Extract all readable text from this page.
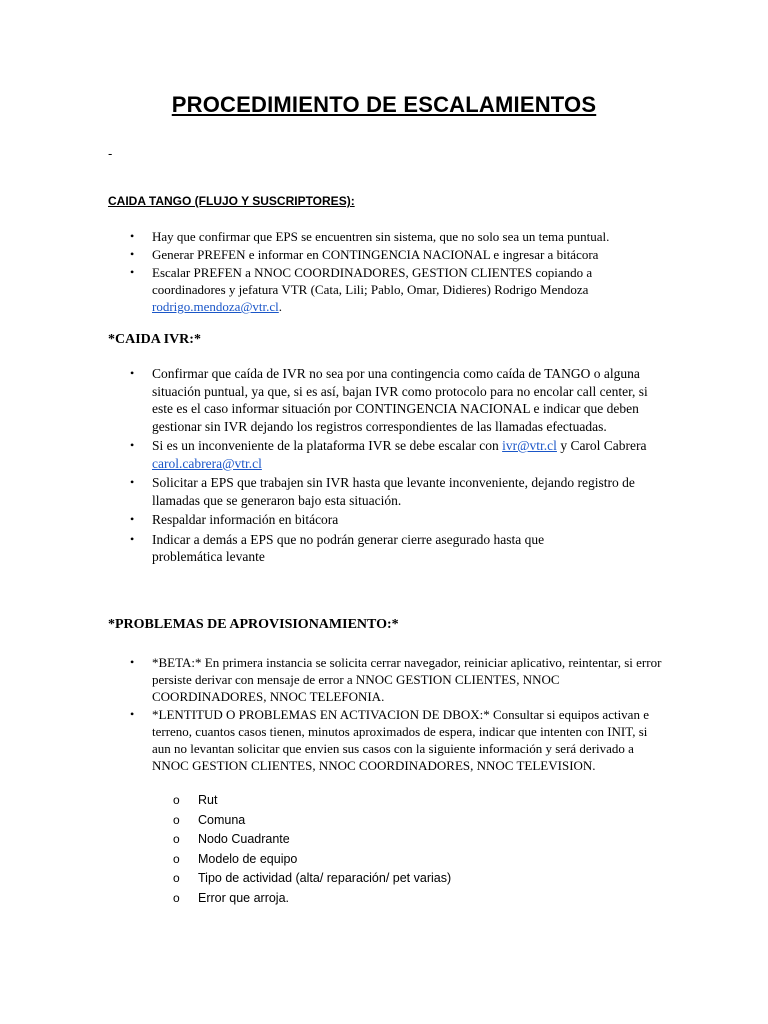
PROCEDIMIENTO DE ESCALAMIENTOS
-
CAIDA TANGO (FLUJO Y SUSCRIPTORES):
• Hay que confirmar que EPS se encuentren sin sistema, que no solo sea un tema puntual.
• Generar PREFEN e informar en CONTINGENCIA NACIONAL e ingresar a bitácora
• Escalar PREFEN a NNOC COORDINADORES, GESTION CLIENTES copiando a coordinadores y jefatura VTR (Cata, Lili; Pablo, Omar, Didieres) Rodrigo Mendoza
rodrigo.mendoza@vtr.cl.
*CAIDA IVR:*
• Confirmar que caída de IVR no sea por una contingencia como caída de TANGO o alguna situación puntual, ya que, si es así, bajan IVR como protocolo para no encolar call center, si este es el caso informar situación por CONTINGENCIA NACIONAL e indicar que deben gestionar sin IVR dejando los registros correspondientes de las llamadas efectuadas.
• Si es un inconveniente de la plataforma IVR se debe escalar con ivr@vtr.cl y Carol Cabrera carol.cabrera@vtr.cl
• Solicitar a EPS que trabajen sin IVR hasta que levante inconveniente, dejando registro de llamadas que se generaron bajo esta situación.
• Respaldar información en bitácora
• Indicar a demás a EPS que no podrán generar cierre asegurado hasta que problemática levante
*PROBLEMAS DE APROVISIONAMIENTO:*
• *BETA:* En primera instancia se solicita cerrar navegador, reiniciar aplicativo, reintentar, si error persiste derivar con mensaje de error a NNOC GESTION CLIENTES, NNOC COORDINADORES, NNOC TELEFONIA.
• *LENTITUD O PROBLEMAS EN ACTIVACION DE DBOX:* Consultar si equipos activan e terreno, cuantos casos tienen, minutos aproximados de espera, indicar que intenten con INIT, si aun no levantan solicitar que envien sus casos con la siguiente información y será derivado a NNOC GESTION CLIENTES, NNOC COORDINADORES, NNOC TELEVISION.
o Rut
o Comuna
o Nodo Cuadrante
o Modelo de equipo
o Tipo de actividad (alta/ reparación/ pet varias)
o Error que arroja.
